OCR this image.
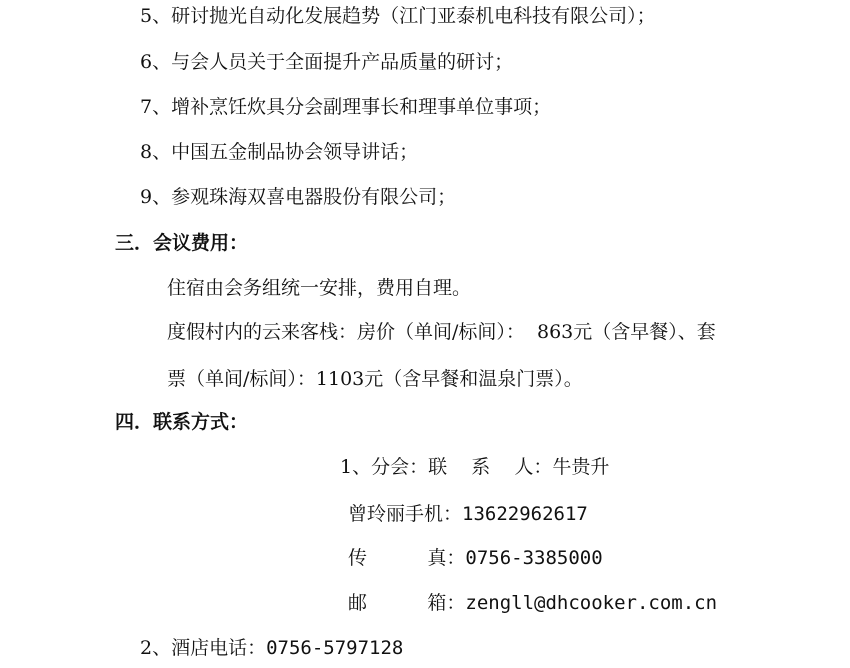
5、研讨抛光自动化发展趋势（江门亚泰机电科技有限公司）；
6、与会人员关于全面提升产品质量的研讨；
7、增补烹饪炊具分会副理事长和理事单位事项；
8、中国五金制品协会领导讲话；
9、参观珠海双喜电器股份有限公司；
三．会议费用：
住宿由会务组统一安排，费用自理。
度假村内的云来客栈：房价（单间/标间）：  863元（含早餐）、套
票（单间/标间）：1103元（含早餐和温泉门票）。
四．联系方式：
1、分会： 联    系    人： 牛贵升
曾玲丽手机： 13622962617
传          真： 0756-3385000
邮          箱： zengll@dhcooker.com.cn
2、酒店电话： 0756-5797128
